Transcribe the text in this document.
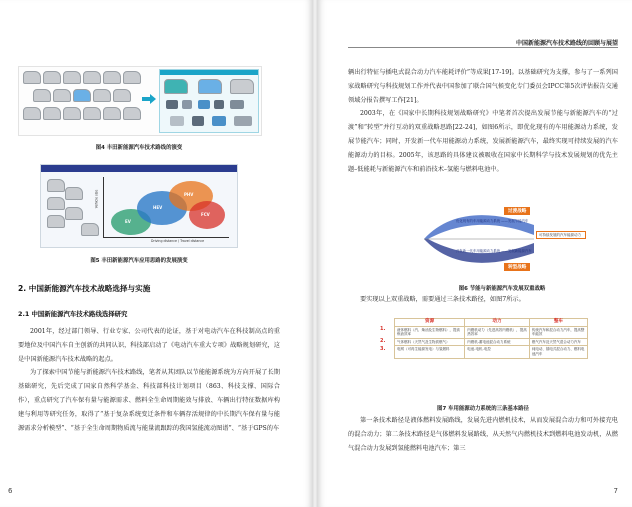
图4 丰田新能源汽车技术路线的演变
Vehicle size
Driving distance / Travel distance
PHV
FCV
HEV
EV
图5 丰田新能源汽车应用思路的发展演变
2. 中国新能源汽车技术战略选择与实施
2.1 中国新能源汽车技术路线选择研究

2001年，经过部门领导、行业专家、公司代表的论证，基于对电动汽车在科技制高点的重要地位及中国汽车自主创新的共同认识，科技部启动了《电动汽车重大专项》战略规划研究，这是中国新能源汽车技术战略的起点。

为了探索中国节能与新能源汽车技术路线，笔者从其团队以节能能源系统为方向开展了长期基础研究，先后完成了国家自然科学基金、科技部科技计划项目（863、科技支撑、国际合作），重点研究了汽车保有量与能源需求、燃料全生命周期能效与排放、车辆出行特征数据库构建与利用等研究任务，取得了“基于复杂系统变迁条件和车辆存活规律的中长期汽车保有量与能源需求分析模型”、“基于全生命周期物质流与能量流跟踪的我国氢能流动图谱”、“基于GPS的车

6
中国新能源汽车技术路线的回顾与展望

辆出行特征与插电式混合动力汽车能耗评价”等成果[17-19]。以基础研究为支撑，参与了一系列国家战略研究与科技规划工作并代表中国参加了联合国气候变化专门委员会IPCC第5次评估报告交通领域分报告撰写工作[21]。

2003年，在《国家中长期科技规划战略研究》中笔者首次提出发展节能与新能源汽车的“过渡”和“转型”并行互动的双重战略思路[22-24]，如图6所示，即优化现有的车用能源动力系统，发展节能汽车；同时，开发新一代车用能源动力系统，发展新能源汽车，最终实现可持续发展的汽车能源动力的目标。2005年，该思路的具体建议被吸收在国家中长期科学与技术发展规划的优先主题–低能耗与新能源汽车和前沿技术–氢能与燃料电池中。

过渡战略
优化现有的车用能源动力系统 ——发展节能汽车
可持续发展的汽车能源动力
开发新一代车用能源动力系统 ——发展新能源汽车
转型战略
图6 节能与新能源汽车发展双重战略

要实现以上双重战略，需要通过三条技术路径，如图7所示。

	资源	动力	整车
1.	液体燃料（汽、柴油及生物燃料），提高炼油效率	内燃机动力（先进高效内燃机），提高热效率	传统汽车和混合动力汽车，提高整车能效
2.	气体燃料（天然气及生物质燃气）	内燃机-蓄电池混合动力系统	燃气汽车及天然气混合动力汽车
3.	电网（可再生能源发电）与氢燃料	电池-电机-电控	纯电动、插电式混合动力、燃料电池汽车
图7 车用能源动力系统的三条基本路径

第一条技术路径是液体燃料发展路线，发展先进内燃机技术，从而发展混合动力和可外接充电的混合动力；第二条技术路径是气体燃料发展路线，从天然气内燃机技术到燃料电池发动机，从燃气混合动力发展到氢能燃料电池汽车；第三

7
